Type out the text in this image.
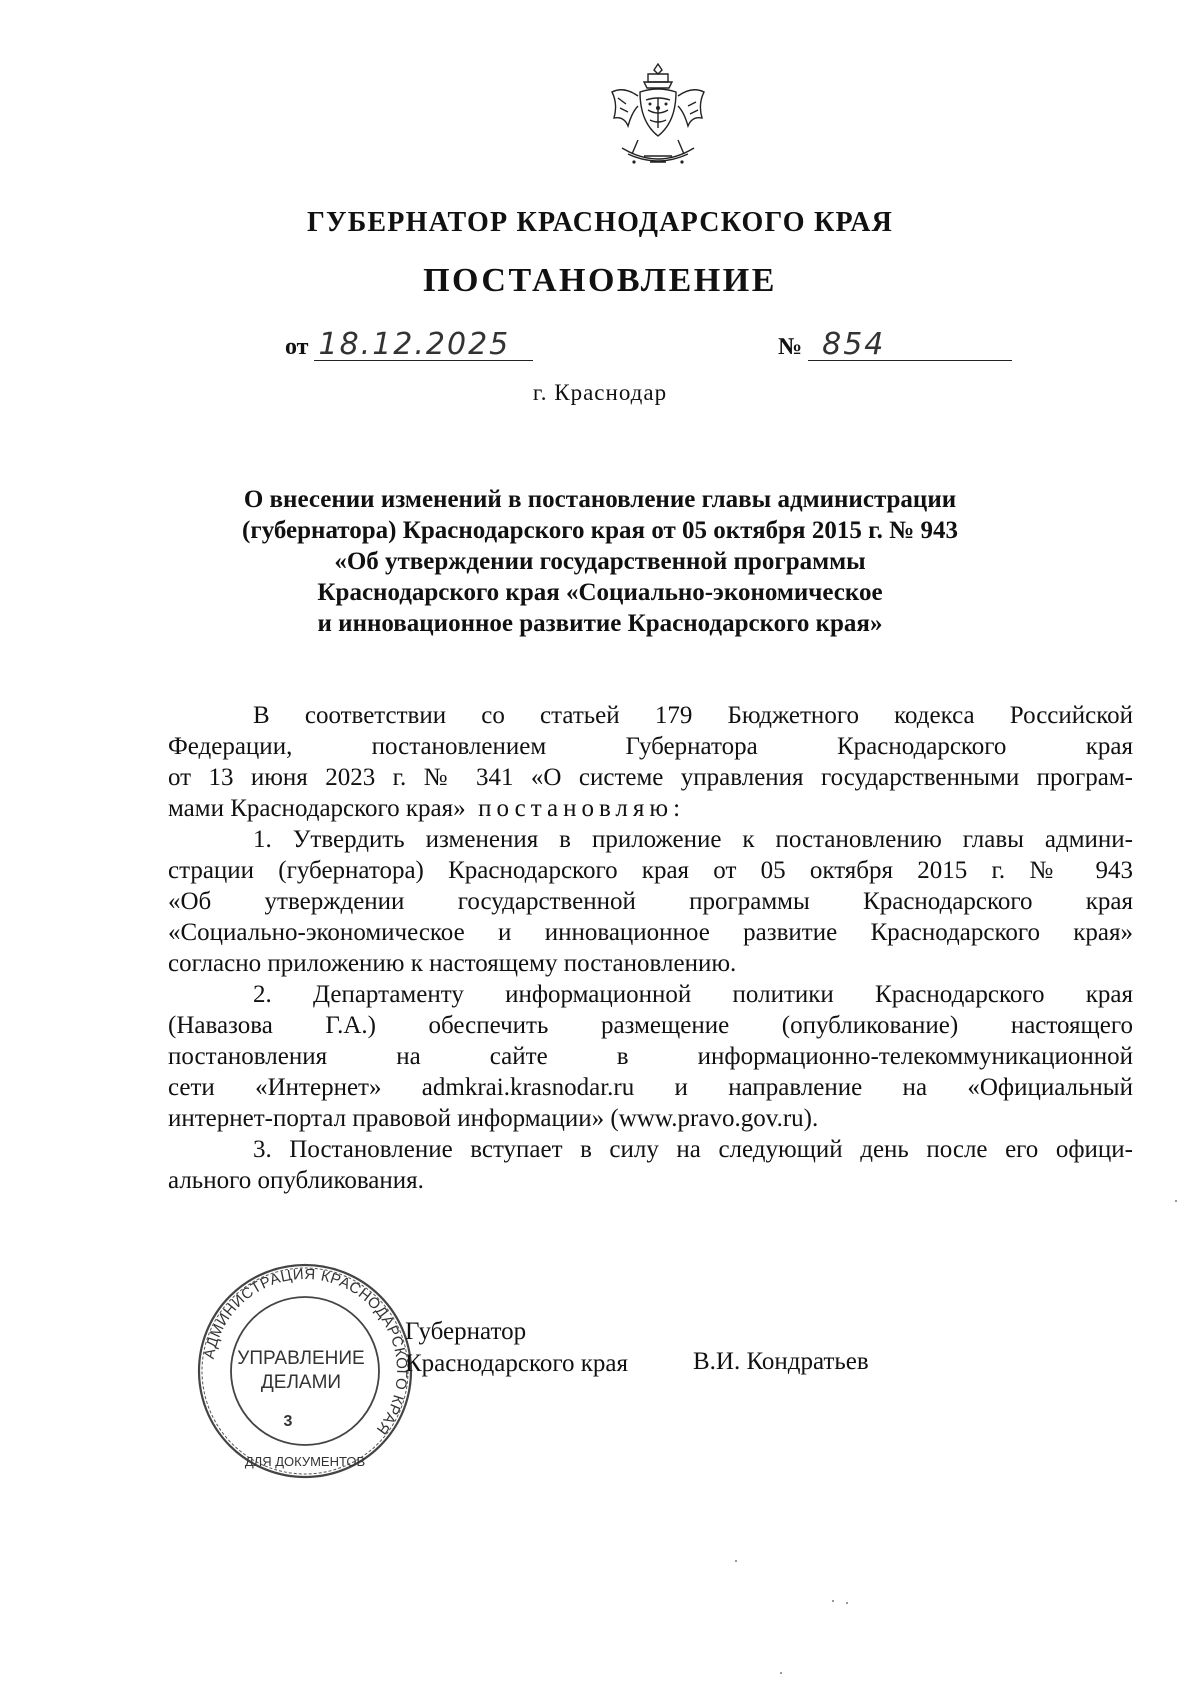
ГУБЕРНАТОР КРАСНОДАРСКОГО КРАЯ
ПОСТАНОВЛЕНИЕ
от 18.12.2025	№ 854
г. Краснодар
О внесении изменений в постановление главы администрации
(губернатора) Краснодарского края от 05 октября 2015 г. № 943
«Об утверждении государственной программы
Краснодарского края «Социально-экономическое
и инновационное развитие Краснодарского края»
В соответствии со статьей 179 Бюджетного кодекса Российской
Федерации, постановлением Губернатора Краснодарского края
от 13 июня 2023 г. № 341 «О системе управления государственными програм-
мами Краснодарского края» постановляю:
1. Утвердить изменения в приложение к постановлению главы админи-
страции (губернатора) Краснодарского края от 05 октября 2015 г. № 943
«Об утверждении государственной программы Краснодарского края
«Социально-экономическое и инновационное развитие Краснодарского края»
согласно приложению к настоящему постановлению.
2. Департаменту информационной политики Краснодарского края
(Навазова Г.А.) обеспечить размещение (опубликование) настоящего
постановления на сайте в информационно-телекоммуникационной
сети «Интернет» admkrai.krasnodar.ru и направление на «Официальный
интернет-портал правовой информации» (www.pravo.gov.ru).
3. Постановление вступает в силу на следующий день после его офици-
ального опубликования.
АДМИНИСТРАЦИЯ КРАСНОДАРСКОГО КРАЯ
ДЛЯ ДОКУМЕНТОВ
УПРАВЛЕНИЕ
ДЕЛАМИ
3
Губернатор
Краснодарского края	В.И. Кондратьев
